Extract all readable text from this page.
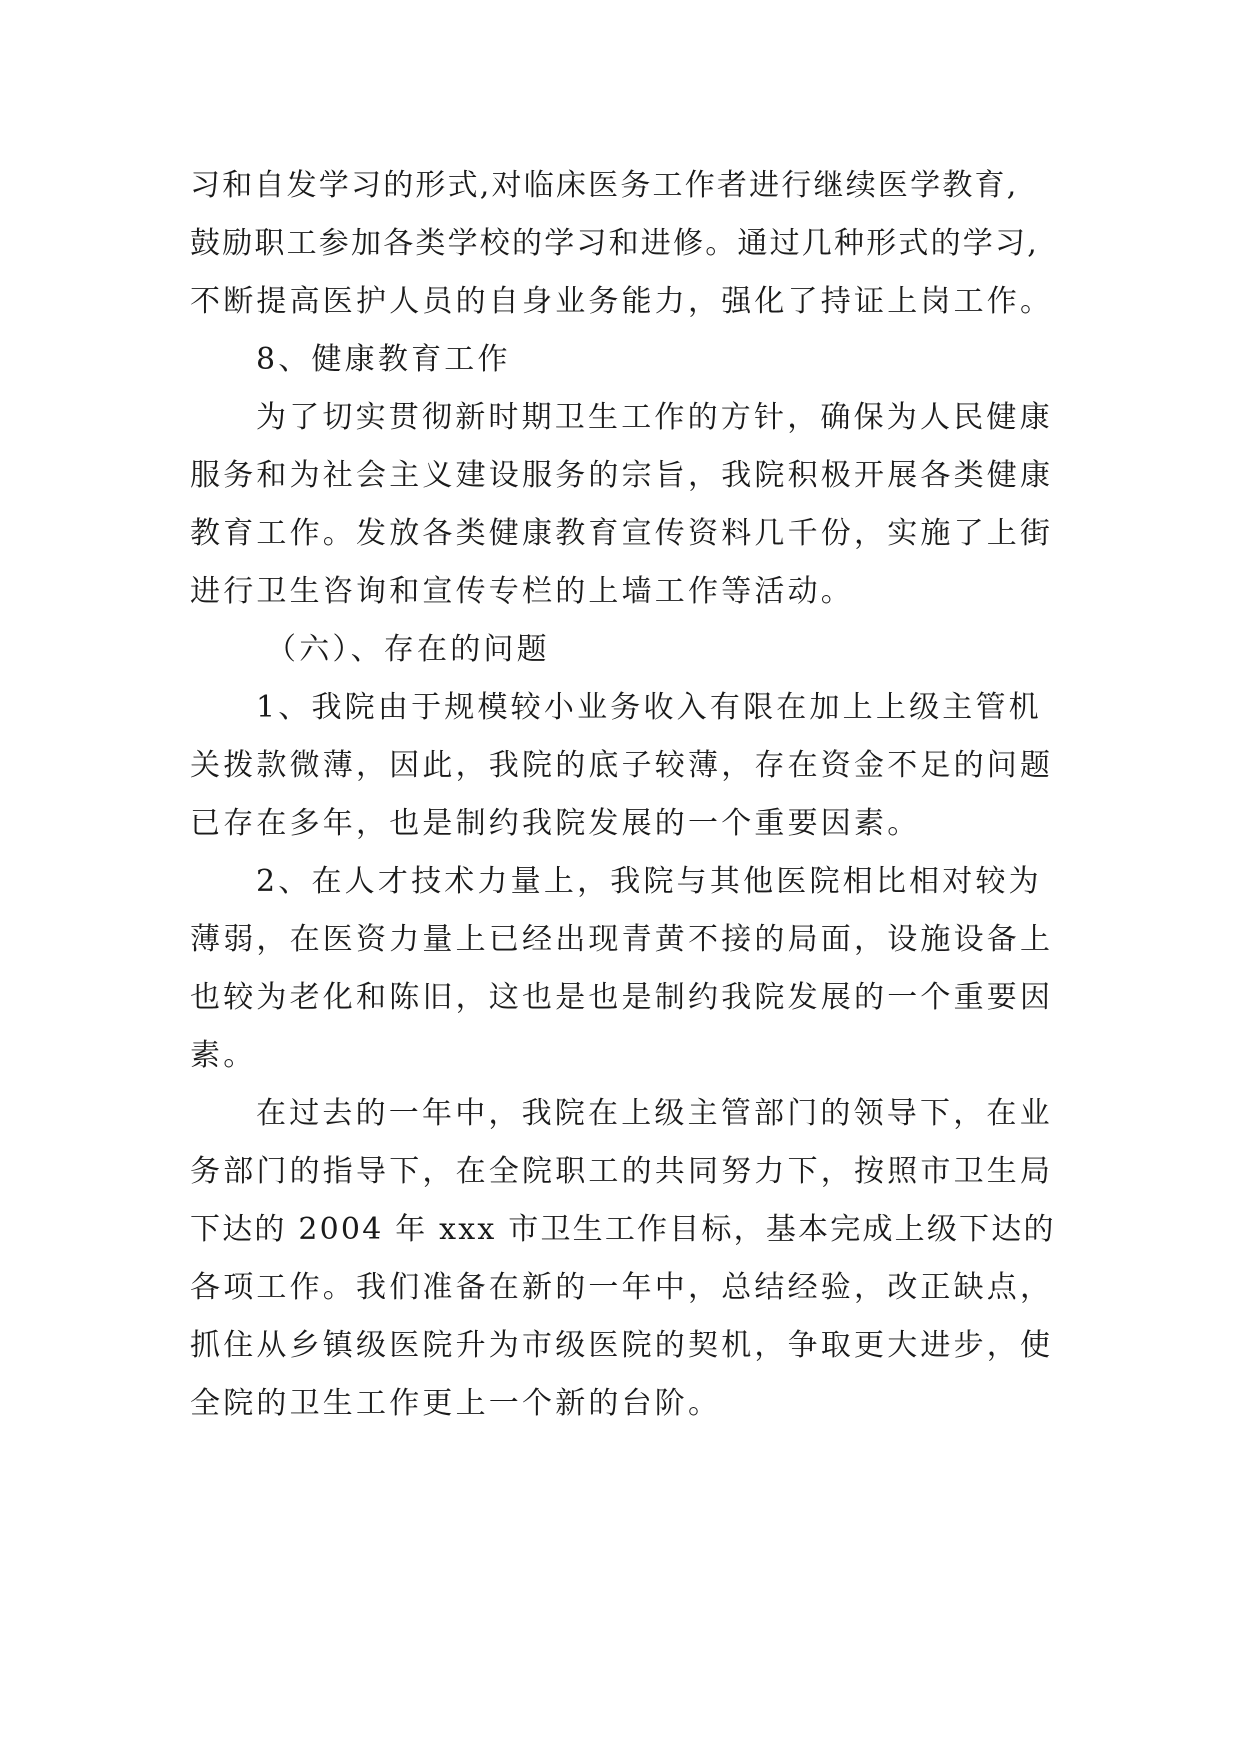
习和自发学习的形式,对临床医务工作者进行继续医学教育,

鼓励职工参加各类学校的学习和进修。通过几种形式的学习,

不断提高医护人员的自身业务能力，强化了持证上岗工作。

8、健康教育工作

为了切实贯彻新时期卫生工作的方针，确保为人民健康

服务和为社会主义建设服务的宗旨，我院积极开展各类健康

教育工作。发放各类健康教育宣传资料几千份，实施了上街

进行卫生咨询和宣传专栏的上墙工作等活动。

（六）、存在的问题

1、我院由于规模较小业务收入有限在加上上级主管机

关拨款微薄，因此，我院的底子较薄，存在资金不足的问题

已存在多年，也是制约我院发展的一个重要因素。

2、在人才技术力量上，我院与其他医院相比相对较为

薄弱，在医资力量上已经出现青黄不接的局面，设施设备上

也较为老化和陈旧，这也是也是制约我院发展的一个重要因

素。

在过去的一年中，我院在上级主管部门的领导下，在业

务部门的指导下，在全院职工的共同努力下，按照市卫生局

下达的 2004 年 xxx 市卫生工作目标，基本完成上级下达的

各项工作。我们准备在新的一年中，总结经验，改正缺点，

抓住从乡镇级医院升为市级医院的契机，争取更大进步，使

全院的卫生工作更上一个新的台阶。
